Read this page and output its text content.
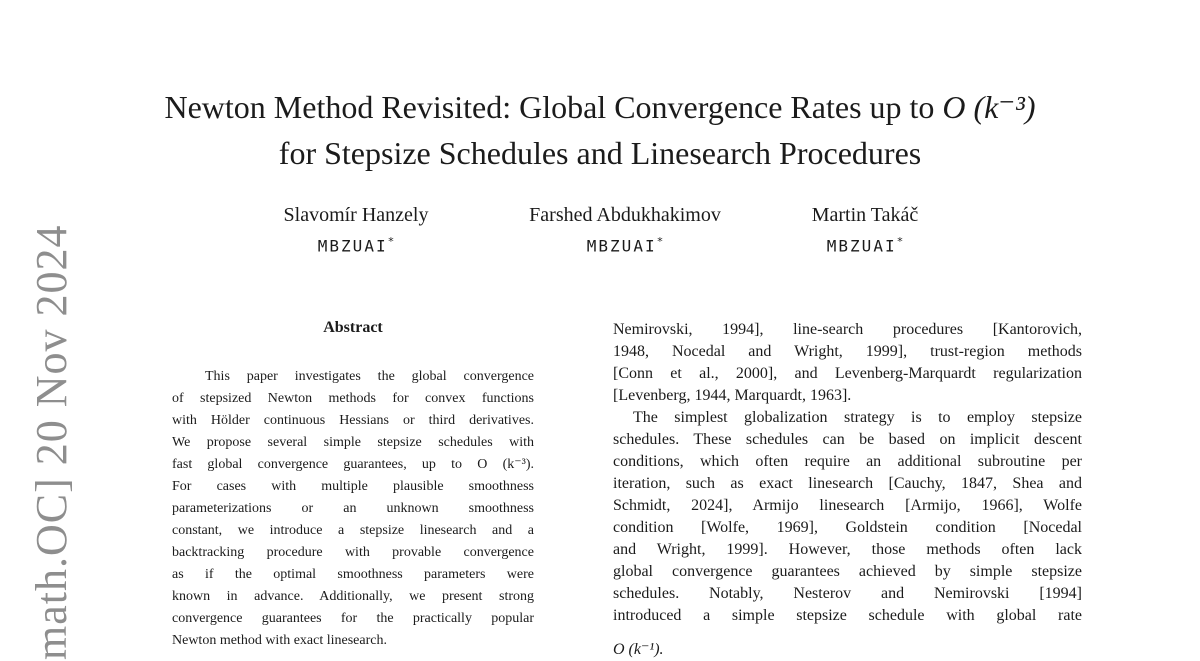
math.OC] 20 Nov 2024
Newton Method Revisited: Global Convergence Rates up to O (k⁻³)
for Stepsize Schedules and Linesearch Procedures
Slavomír Hanzely
MBZUAI*
Farshed Abdukhakimov
MBZUAI*
Martin Takáč
MBZUAI*
Abstract
This paper investigates the global convergence
of stepsized Newton methods for convex functions
with Hölder continuous Hessians or third derivatives.
We propose several simple stepsize schedules with
fast global convergence guarantees, up to O (k⁻³).
For cases with multiple plausible smoothness
parameterizations or an unknown smoothness
constant, we introduce a stepsize linesearch and a
backtracking procedure with provable convergence
as if the optimal smoothness parameters were
known in advance. Additionally, we present strong
convergence guarantees for the practically popular
Newton method with exact linesearch.
Nemirovski, 1994], line-search procedures [Kantorovich,
1948, Nocedal and Wright, 1999], trust-region methods
[Conn et al., 2000], and Levenberg-Marquardt regularization
[Levenberg, 1944, Marquardt, 1963].
The simplest globalization strategy is to employ stepsize
schedules. These schedules can be based on implicit descent
conditions, which often require an additional subroutine per
iteration, such as exact linesearch [Cauchy, 1847, Shea and
Schmidt, 2024], Armijo linesearch [Armijo, 1966], Wolfe
condition [Wolfe, 1969], Goldstein condition [Nocedal
and Wright, 1999]. However, those methods often lack
global convergence guarantees achieved by simple stepsize
schedules. Notably, Nesterov and Nemirovski [1994]
introduced a simple stepsize schedule with global rate
O (k⁻¹).
